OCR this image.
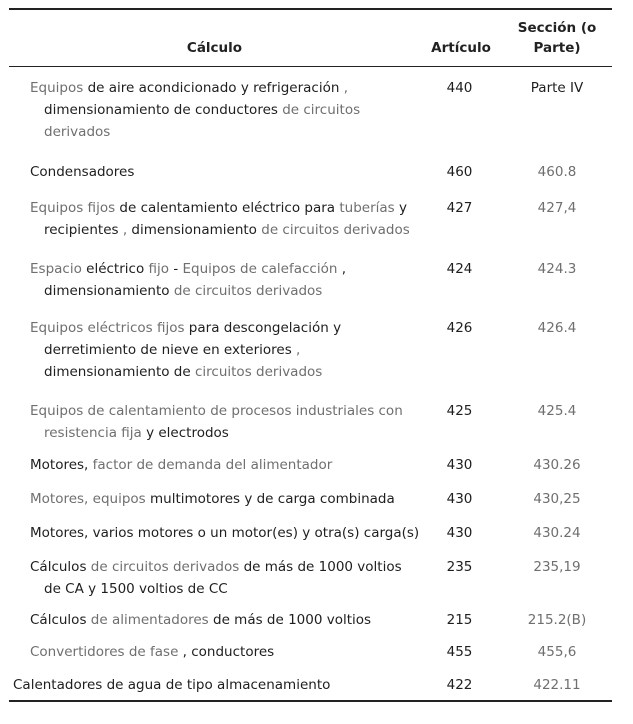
Cálculo	Artículo
Sección (o
Parte)
Equipos de aire acondicionado y refrigeración ,
dimensionamiento de conductores de circuitos
derivados
440	Parte IV
Condensadores	460	460.8
Equipos fijos de calentamiento eléctrico para tuberías y
recipientes , dimensionamiento de circuitos derivados
427	427,4
Espacio eléctrico fijo - Equipos de calefacción ,
dimensionamiento de circuitos derivados
424	424.3
Equipos eléctricos fijos para descongelación y
derretimiento de nieve en exteriores ,
dimensionamiento de circuitos derivados
426	426.4
Equipos de calentamiento de procesos industriales con
resistencia fija y electrodos
425	425.4
Motores, factor de demanda del alimentador	430	430.26
Motores, equipos multimotores y de carga combinada	430	430,25
Motores, varios motores o un motor(es) y otra(s) carga(s)	430	430.24
Cálculos de circuitos derivados de más de 1000 voltios
de CA y 1500 voltios de CC
235	235,19
Cálculos de alimentadores de más de 1000 voltios	215	215.2(B)
Convertidores de fase , conductores	455	455,6
Calentadores de agua de tipo almacenamiento	422	422.11
